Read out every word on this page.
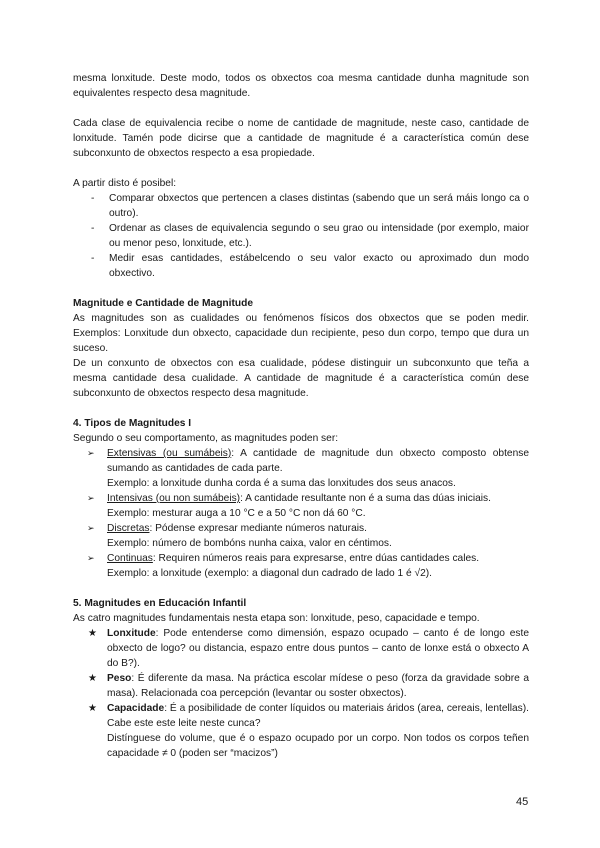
mesma lonxitude. Deste modo, todos os obxectos coa mesma cantidade dunha magnitude son equivalentes respecto desa magnitude.

Cada clase de equivalencia recibe o nome de cantidade de magnitude, neste caso, cantidade de lonxitude. Tamén pode dicirse que a cantidade de magnitude é a característica común dese subconxunto de obxectos respecto a esa propiedade.

A partir disto é posibel:

- Comparar obxectos que pertencen a clases distintas (sabendo que un será máis longo ca o outro).
- Ordenar as clases de equivalencia segundo o seu grao ou intensidade (por exemplo, maior ou menor peso, lonxitude, etc.).
- Medir esas cantidades, estábelcendo o seu valor exacto ou aproximado dun modo obxectivo.

Magnitude e Cantidade de Magnitude

As magnitudes son as cualidades ou fenómenos físicos dos obxectos que se poden medir. Exemplos: Lonxitude dun obxecto, capacidade dun recipiente, peso dun corpo, tempo que dura un suceso.

De un conxunto de obxectos con esa cualidade, pódese distinguir un subconxunto que teña a mesma cantidade desa cualidade. A cantidade de magnitude é a característica común dese subconxunto de obxectos respecto desa magnitude.

4. Tipos de Magnitudes I

Segundo o seu comportamento, as magnitudes poden ser:

➢ Extensivas (ou sumábeis): A cantidade de magnitude dun obxecto composto obtense sumando as cantidades de cada parte.
Exemplo: a lonxitude dunha corda é a suma das lonxitudes dos seus anacos.
➢ Intensivas (ou non sumábeis): A cantidade resultante non é a suma das dúas iniciais.
Exemplo: mesturar auga a 10 °C e a 50 °C non dá 60 °C.
➢ Discretas: Pódense expresar mediante números naturais.
Exemplo: número de bombóns nunha caixa, valor en céntimos.
➢ Continuas: Requiren números reais para expresarse, entre dúas cantidades cales.
Exemplo: a lonxitude (exemplo: a diagonal dun cadrado de lado 1 é √2).

5. Magnitudes en Educación Infantil

As catro magnitudes fundamentais nesta etapa son: lonxitude, peso, capacidade e tempo.

★ Lonxitude: Pode entenderse como dimensión, espazo ocupado – canto é de longo este obxecto de logo? ou distancia, espazo entre dous puntos – canto de lonxe está o obxecto A do B?).
★ Peso: É diferente da masa. Na práctica escolar mídese o peso (forza da gravidade sobre a masa). Relacionada coa percepción (levantar ou soster obxectos).
★ Capacidade: É a posibilidade de conter líquidos ou materiais áridos (area, cereais, lentellas). Cabe este este leite neste cunca?
Distínguese do volume, que é o espazo ocupado por un corpo. Non todos os corpos teñen capacidade ≠ 0 (poden ser “macizos”)
45
